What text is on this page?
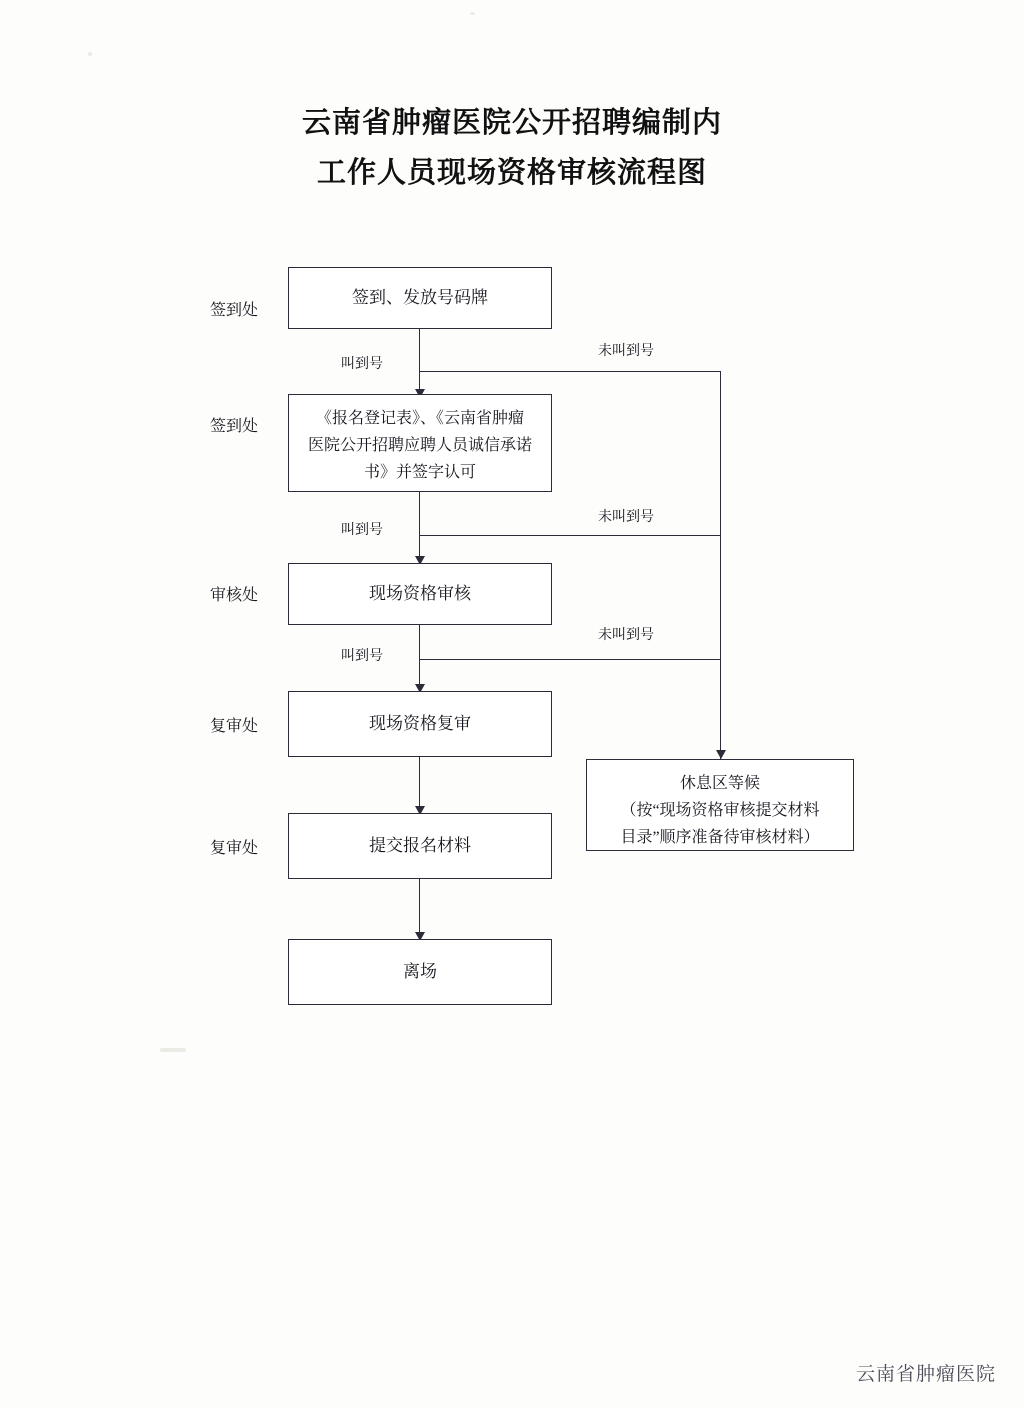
云南省肿瘤医院公开招聘编制内
工作人员现场资格审核流程图
签到处
签到处
审核处
复审处
复审处
签到、发放号码牌
叫到号
未叫到号
《报名登记表》、《云南省肿瘤
医院公开招聘应聘人员诚信承诺
书》并签字认可
叫到号
未叫到号
现场资格审核
叫到号
未叫到号
现场资格复审
提交报名材料
离场
休息区等候
（按“现场资格审核提交材料
目录”顺序准备待审核材料）
云南省肿瘤医院
